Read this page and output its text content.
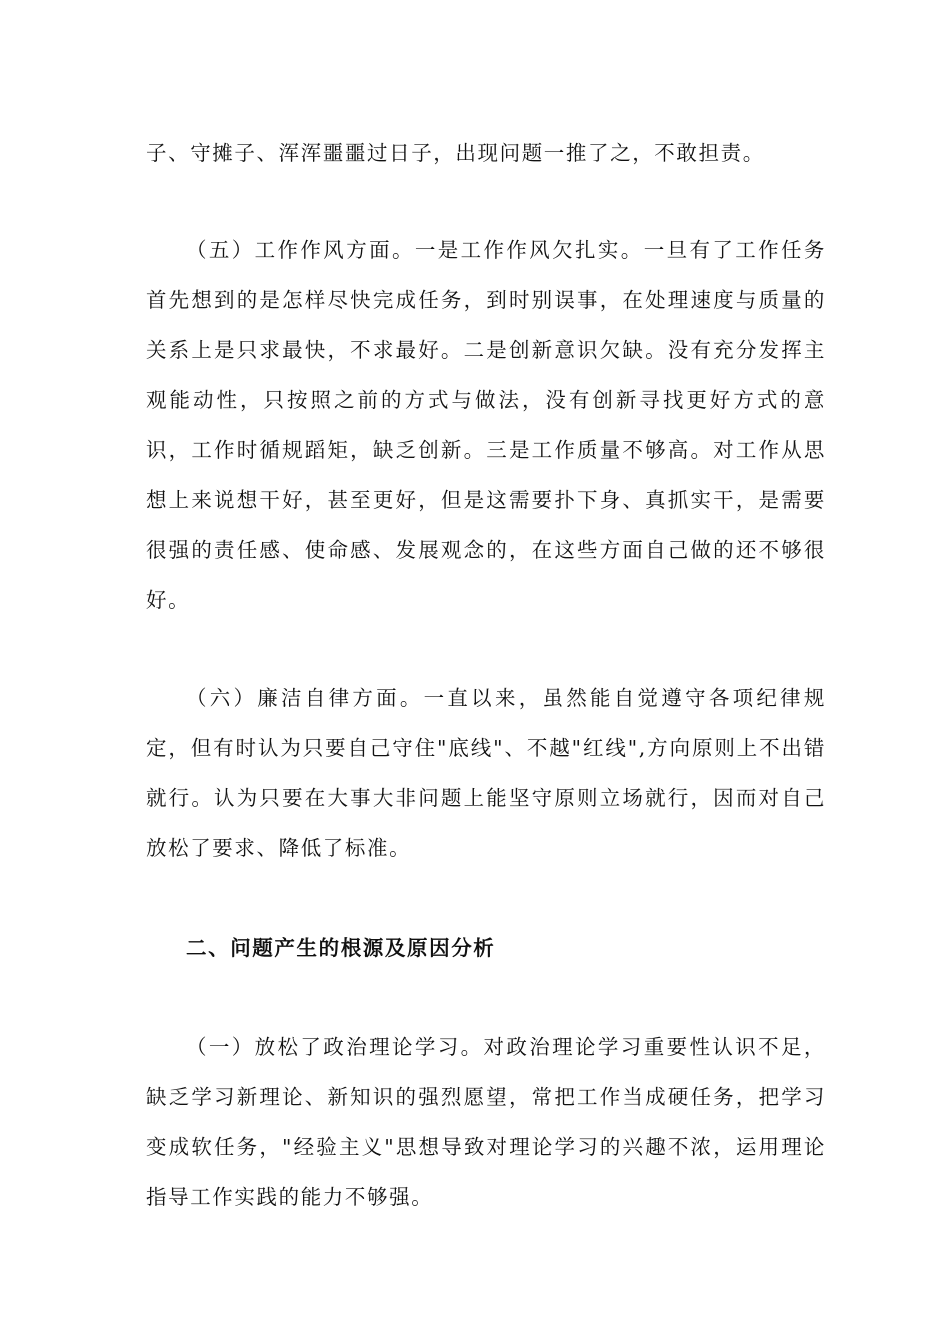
子、守摊子、浑浑噩噩过日子，出现问题一推了之，不敢担责。

（五）工作作风方面。一是工作作风欠扎实。一旦有了工作任务首先想到的是怎样尽快完成任务，到时别误事，在处理速度与质量的关系上是只求最快，不求最好。二是创新意识欠缺。没有充分发挥主观能动性，只按照之前的方式与做法，没有创新寻找更好方式的意识，工作时循规蹈矩，缺乏创新。三是工作质量不够高。对工作从思想上来说想干好，甚至更好，但是这需要扑下身、真抓实干，是需要很强的责任感、使命感、发展观念的，在这些方面自己做的还不够很好。

（六）廉洁自律方面。一直以来，虽然能自觉遵守各项纪律规定，但有时认为只要自己守住"底线"、不越"红线",方向原则上不出错就行。认为只要在大事大非问题上能坚守原则立场就行，因而对自己放松了要求、降低了标准。

二、问题产生的根源及原因分析

（一）放松了政治理论学习。对政治理论学习重要性认识不足，缺乏学习新理论、新知识的强烈愿望，常把工作当成硬任务，把学习变成软任务，"经验主义"思想导致对理论学习的兴趣不浓，运用理论指导工作实践的能力不够强。
